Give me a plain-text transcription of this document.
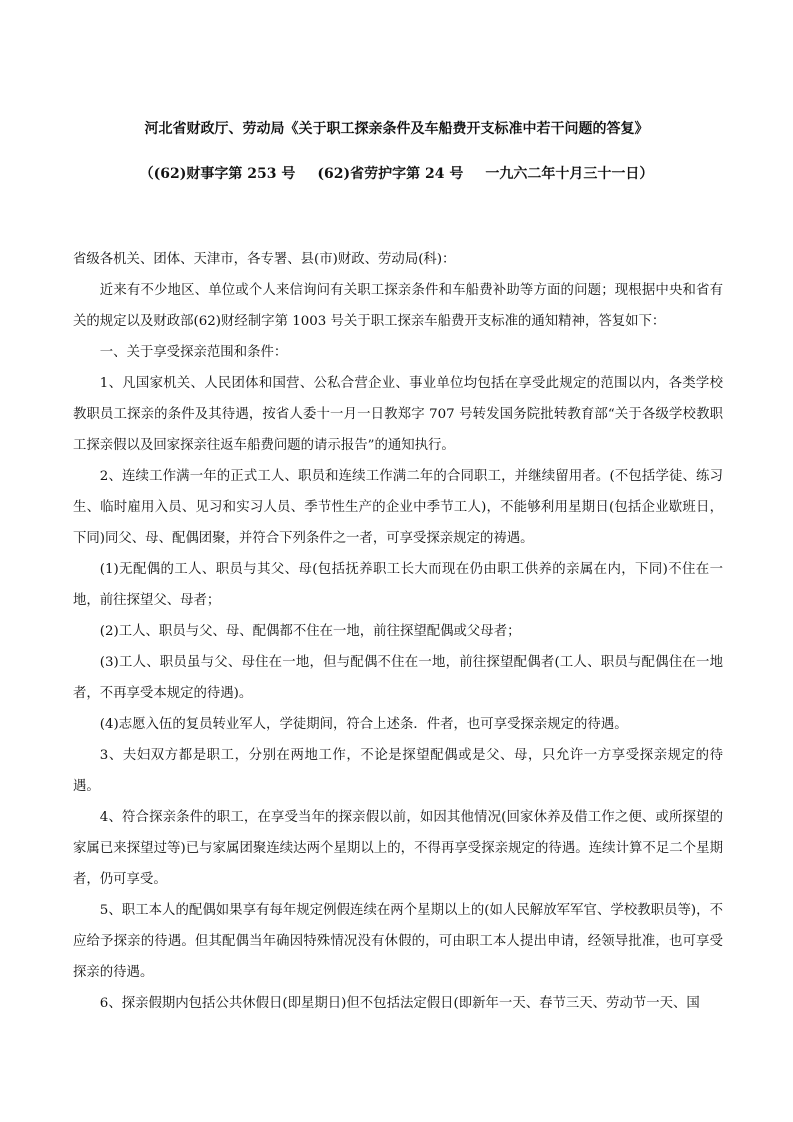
河北省财政厅、劳动局《关于职工探亲条件及车船费开支标准中若干问题的答复》
（(62)财事字第 253 号 (62)省劳护字第 24 号 一九六二年十月三十一日）

省级各机关、团体、天津市，各专署、县(市)财政、劳动局(科)：

近来有不少地区、单位或个人来信询问有关职工探亲条件和车船费补助等方面的问题；现根据中央和省有关的规定以及财政部(62)财经制字第 1003 号关于职工探亲车船费开支标准的通知精神，答复如下：

一、关于享受探亲范围和条件：

1、凡国家机关、人民团体和国营、公私合营企业、事业单位均包括在享受此规定的范围以内，各类学校教职员工探亲的条件及其待遇，按省人委十一月一日教郑字 707 号转发国务院批转教育部“关于各级学校教职工探亲假以及回家探亲往返车船费问题的请示报告”的通知执行。

2、连续工作满一年的正式工人、职员和连续工作满二年的合同职工，并继续留用者。(不包括学徒、练习生、临时雇用入员、见习和实习人员、季节性生产的企业中季节工人)，不能够利用星期日(包括企业歇班日，下同)同父、母、配偶团聚，并符合下列条件之一者，可享受探亲规定的祷遇。

(1)无配偶的工人、职员与其父、母(包括抚养职工长大而现在仍由职工供养的亲属在内，下同)不住在一地，前往探望父、母者；

(2)工人、职员与父、母、配偶都不住在一地，前往探望配偶或父母者；

(3)工人、职员虽与父、母住在一地，但与配偶不住在一地，前往探望配偶者(工人、职员与配偶住在一地者，不再享受本规定的待遇)。

(4)志愿入伍的复员转业军人，学徒期间，符合上述条．件者，也可享受探亲规定的待遇。

3、夫妇双方都是职工，分别在两地工作，不论是探望配偶或是父、母，只允许一方享受探亲规定的待遇。

4、符合探亲条件的职工，在享受当年的探亲假以前，如因其他情况(回家休养及借工作之便、或所探望的家属已来探望过等)已与家属团聚连续达两个星期以上的，不得再享受探亲规定的待遇。连续计算不足二个星期者，仍可享受。

5、职工本人的配偶如果享有每年规定例假连续在两个星期以上的(如人民解放军军官、学校教职员等)，不应给予探亲的待遇。但其配偶当年确因特殊情况没有休假的，可由职工本人提出申请，经领导批准，也可享受探亲的待遇。

6、探亲假期内包括公共休假日(即星期日)但不包括法定假日(即新年一天、春节三天、劳动节一天、国
